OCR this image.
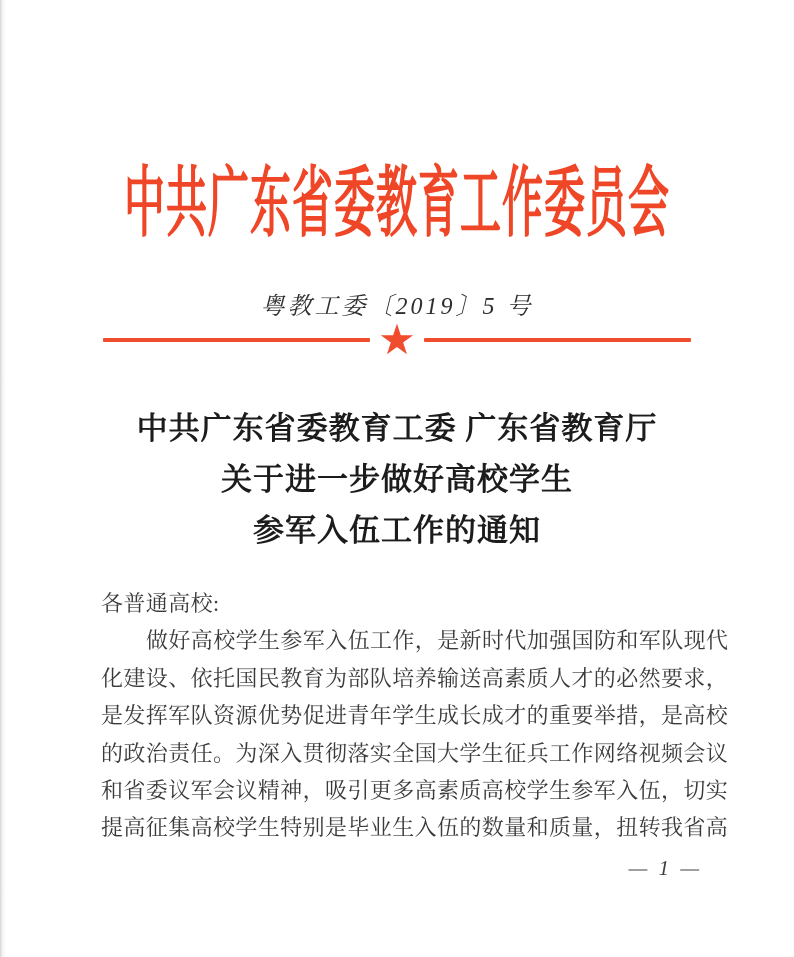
中共广东省委教育工作委员会
粤教工委〔2019〕5 号
★
中共广东省委教育工委 广东省教育厅
关于进一步做好高校学生
参军入伍工作的通知
各普通高校:
做好高校学生参军入伍工作，是新时代加强国防和军队现代
化建设、依托国民教育为部队培养输送高素质人才的必然要求，
是发挥军队资源优势促进青年学生成长成才的重要举措，是高校
的政治责任。为深入贯彻落实全国大学生征兵工作网络视频会议
和省委议军会议精神，吸引更多高素质高校学生参军入伍，切实
提高征集高校学生特别是毕业生入伍的数量和质量，扭转我省高
— 1 —
